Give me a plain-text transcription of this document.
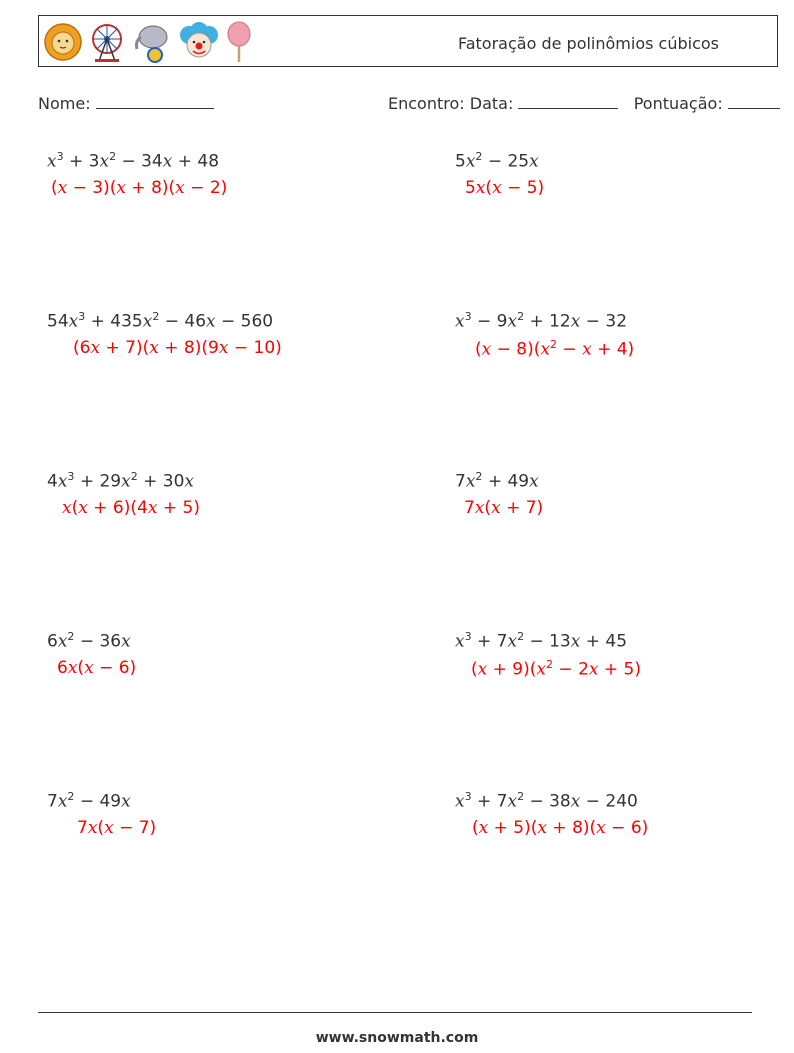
Fatoração de polinômios cúbicos
Nome:	Encontro: Data:	Pontuação:
$x^3 + 3x^2 - 34x + 48$
(x − 3)(x + 8)(x − 2)
$5x^2 - 25x$
5x(x − 5)
$54x^3 + 435x^2 - 46x - 560$
(6x + 7)(x + 8)(9x − 10)
$x^3 - 9x^2 + 12x - 32$
$(x - 8)(x^2 - x + 4)$
$4x^3 + 29x^2 + 30x$
x(x + 6)(4x + 5)
$7x^2 + 49x$
7x(x + 7)
$6x^2 - 36x$
6x(x − 6)
$x^3 + 7x^2 - 13x + 45$
$(x + 9)(x^2 - 2x + 5)$
$7x^2 - 49x$
7x(x − 7)
$x^3 + 7x^2 - 38x - 240$
(x + 5)(x + 8)(x − 6)
www.snowmath.com
